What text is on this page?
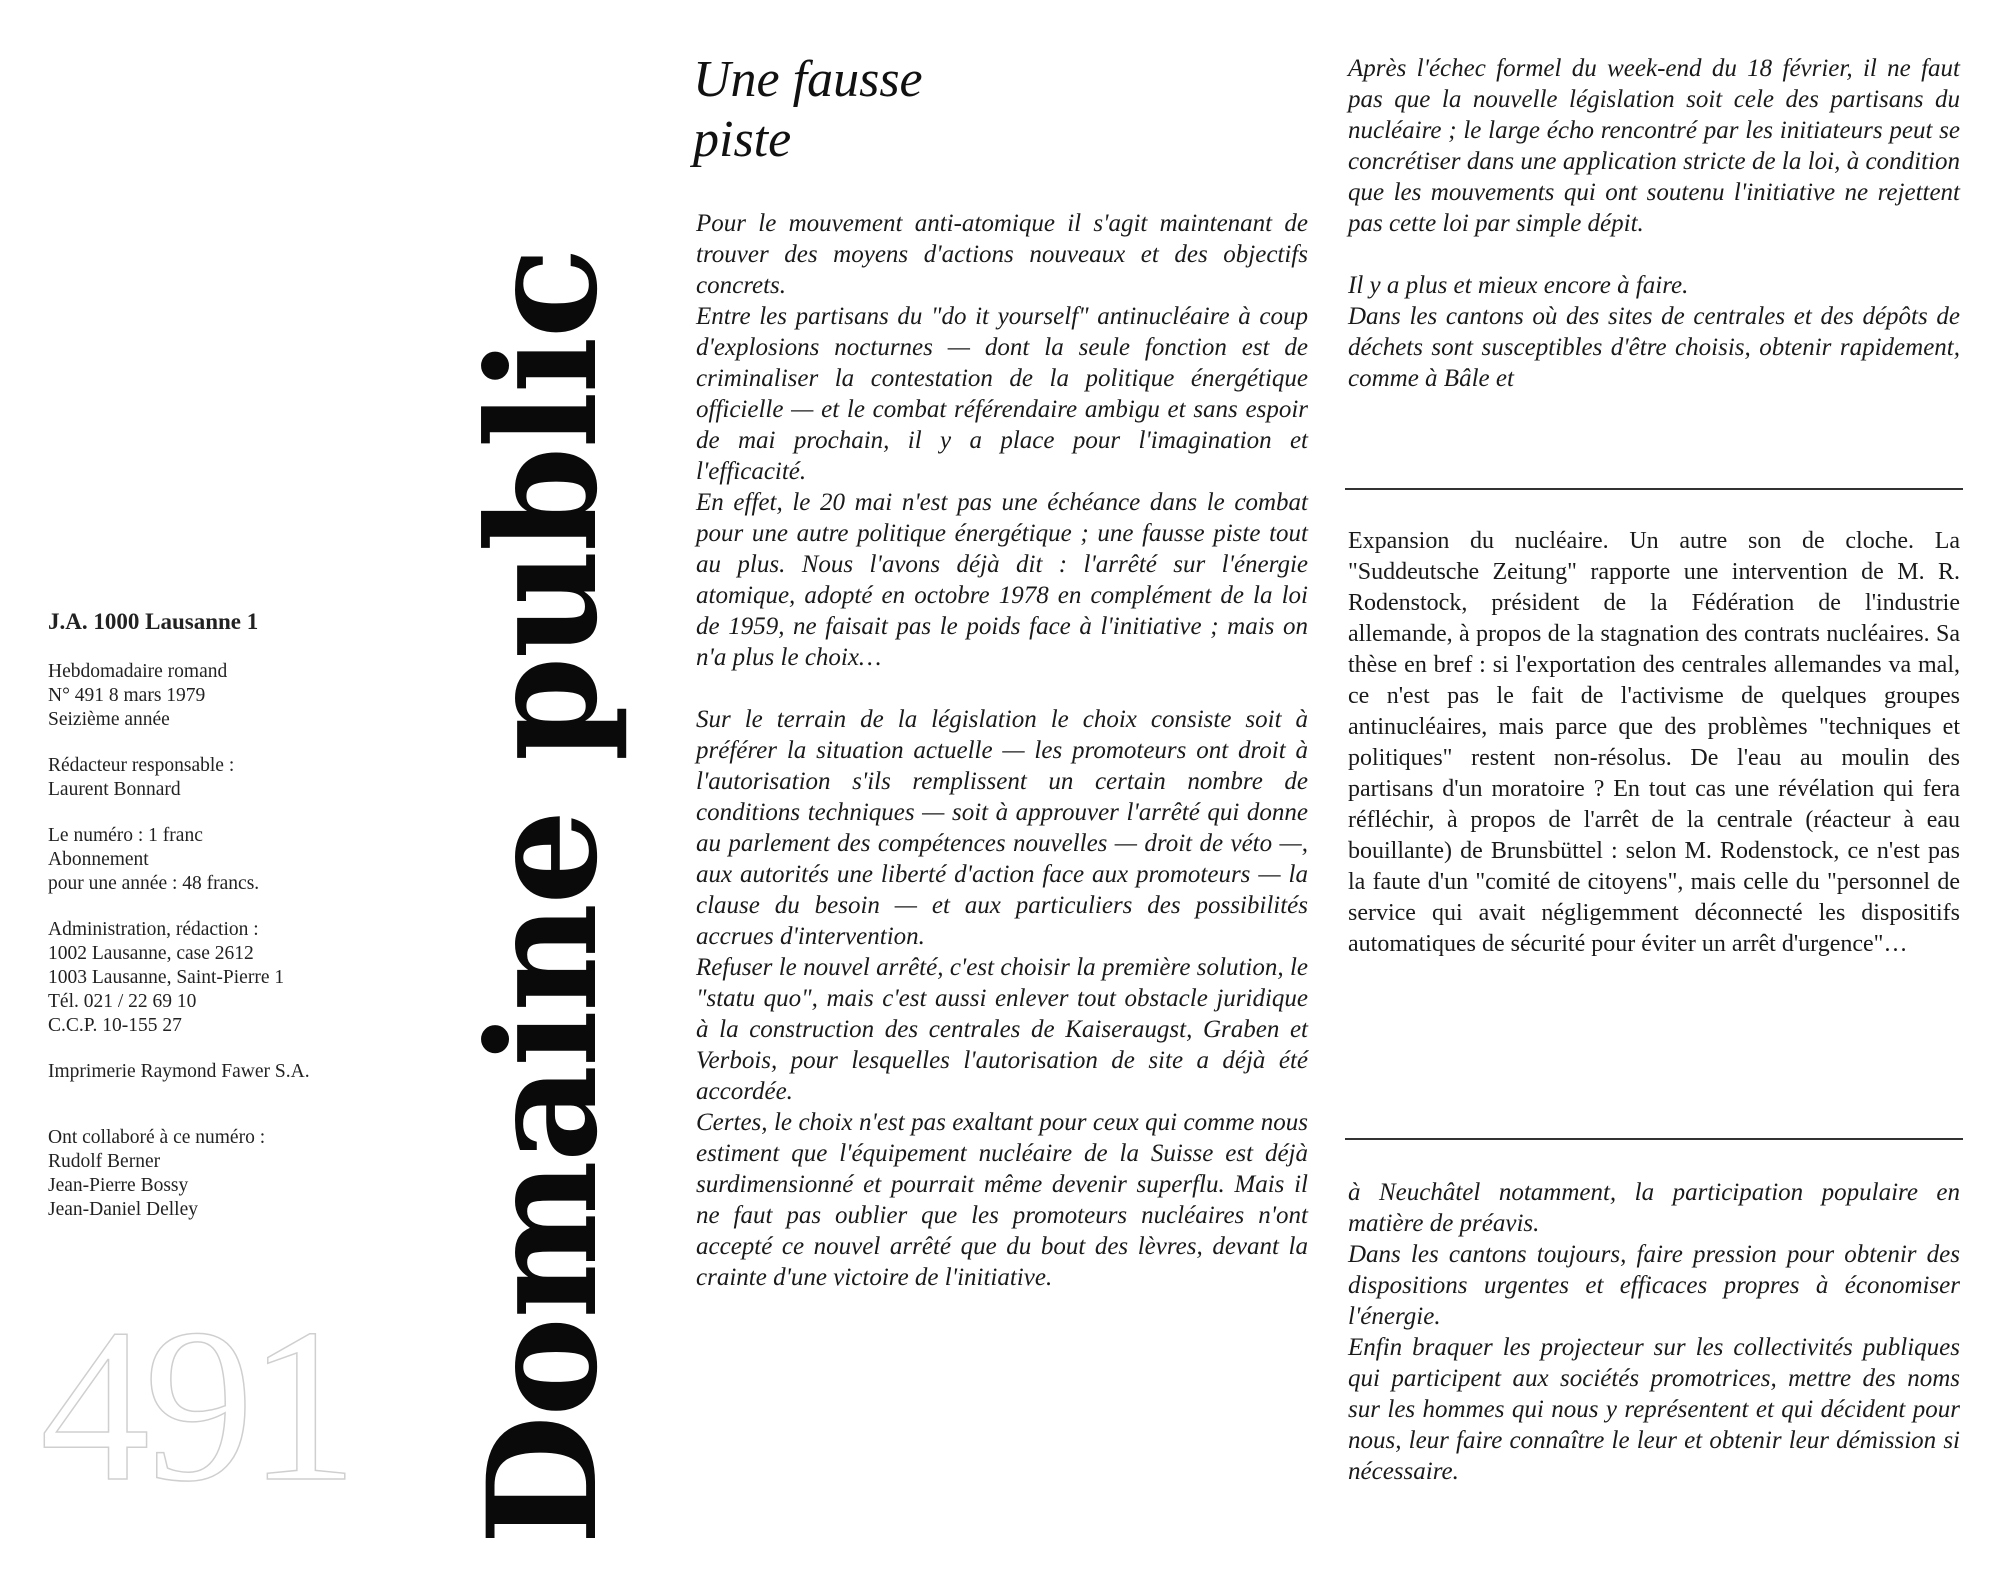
J.A. 1000 Lausanne 1
Hebdomadaire romand
N° 491 8 mars 1979
Seizième année
Rédacteur responsable :
Laurent Bonnard
Le numéro : 1 franc
Abonnement
pour une année : 48 francs.
Administration, rédaction :
1002 Lausanne, case 2612
1003 Lausanne, Saint-Pierre 1
Tél. 021 / 22 69 10
C.C.P. 10-155 27
Imprimerie Raymond Fawer S.A.
Ont collaboré à ce numéro :
Rudolf Berner
Jean-Pierre Bossy
Jean-Daniel Delley
491 Domaine public
Une fausse
piste

Pour le mouvement anti-atomique il s'agit maintenant de trouver des moyens d'actions nouveaux et des objectifs concrets.

Entre les partisans du "do it yourself" antinucléaire à coup d'explosions nocturnes — dont la seule fonction est de criminaliser la contestation de la politique énergétique officielle — et le combat référendaire ambigu et sans espoir de mai prochain, il y a place pour l'imagination et l'efficacité.

En effet, le 20 mai n'est pas une échéance dans le combat pour une autre politique énergétique ; une fausse piste tout au plus. Nous l'avons déjà dit : l'arrêté sur l'énergie atomique, adopté en octobre 1978 en complément de la loi de 1959, ne faisait pas le poids face à l'initiative ; mais on n'a plus le choix…

Sur le terrain de la législation le choix consiste soit à préférer la situation actuelle — les promoteurs ont droit à l'autorisation s'ils remplissent un certain nombre de conditions techniques — soit à approuver l'arrêté qui donne au parlement des compétences nouvelles — droit de véto —, aux autorités une liberté d'action face aux promoteurs — la clause du besoin — et aux particuliers des possibilités accrues d'intervention.

Refuser le nouvel arrêté, c'est choisir la première solution, le "statu quo", mais c'est aussi enlever tout obstacle juridique à la construction des centrales de Kaiseraugst, Graben et Verbois, pour lesquelles l'autorisation de site a déjà été accordée.

Certes, le choix n'est pas exaltant pour ceux qui comme nous estiment que l'équipement nucléaire de la Suisse est déjà surdimensionné et pourrait même devenir superflu. Mais il ne faut pas oublier que les promoteurs nucléaires n'ont accepté ce nouvel arrêté que du bout des lèvres, devant la crainte d'une victoire de l'initiative.

Après l'échec formel du week-end du 18 février, il ne faut pas que la nouvelle législation soit cele des partisans du nucléaire ; le large écho rencontré par les initiateurs peut se concrétiser dans une application stricte de la loi, à condition que les mouvements qui ont soutenu l'initiative ne rejettent pas cette loi par simple dépit.

Il y a plus et mieux encore à faire.

Dans les cantons où des sites de centrales et des dépôts de déchets sont susceptibles d'être choisis, obtenir rapidement, comme à Bâle et

Expansion du nucléaire. Un autre son de cloche. La "Suddeutsche Zeitung" rapporte une intervention de M. R. Rodenstock, président de la Fédération de l'industrie allemande, à propos de la stagnation des contrats nucléaires. Sa thèse en bref : si l'exportation des centrales allemandes va mal, ce n'est pas le fait de l'activisme de quelques groupes antinucléaires, mais parce que des problèmes "techniques et politiques" restent non-résolus. De l'eau au moulin des partisans d'un moratoire ? En tout cas une révélation qui fera réfléchir, à propos de l'arrêt de la centrale (réacteur à eau bouillante) de Brunsbüttel : selon M. Rodenstock, ce n'est pas la faute d'un "comité de citoyens", mais celle du "personnel de service qui avait négligemment déconnecté les dispositifs automatiques de sécurité pour éviter un arrêt d'urgence"…

à Neuchâtel notamment, la participation populaire en matière de préavis.

Dans les cantons toujours, faire pression pour obtenir des dispositions urgentes et efficaces propres à économiser l'énergie.

Enfin braquer les projecteur sur les collectivités publiques qui participent aux sociétés promotrices, mettre des noms sur les hommes qui nous y représentent et qui décident pour nous, leur faire connaître le leur et obtenir leur démission si nécessaire.
